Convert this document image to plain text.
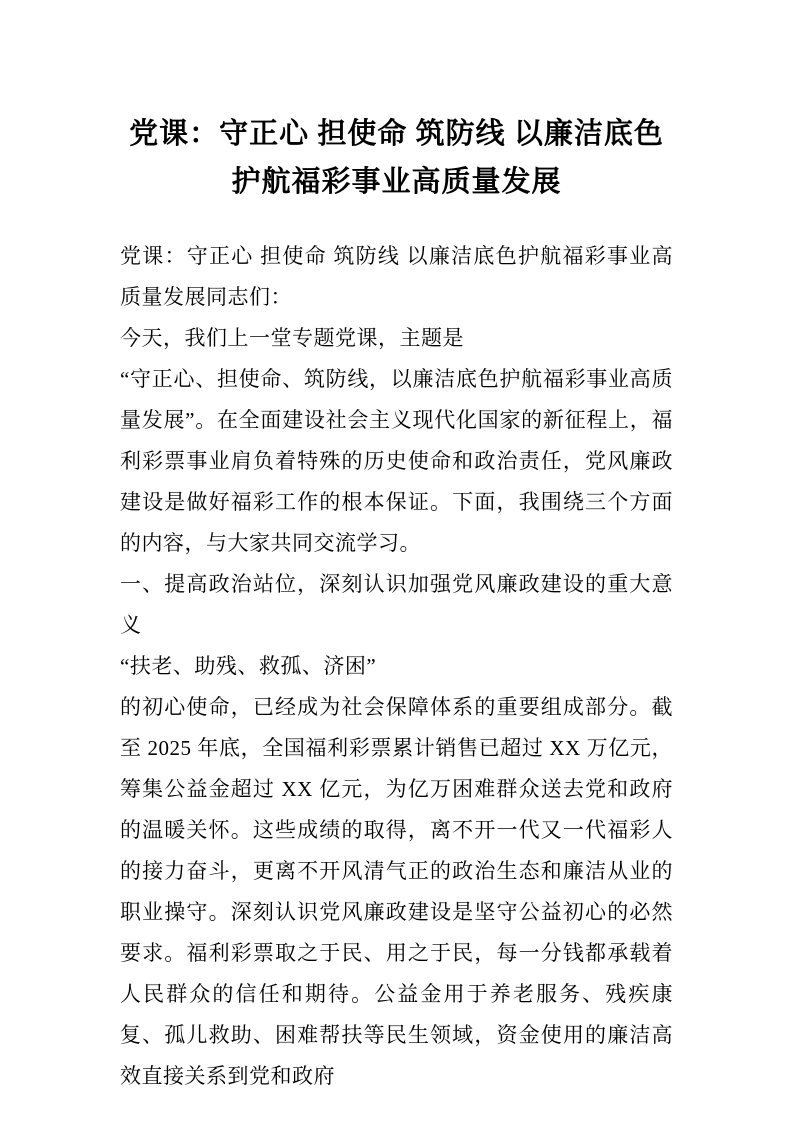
党课：守正心 担使命 筑防线 以廉洁底色
护航福彩事业高质量发展

党课：守正心 担使命 筑防线 以廉洁底色护航福彩事业高质量发展同志们：

今天，我们上一堂专题党课，主题是

“守正心、担使命、筑防线，以廉洁底色护航福彩事业高质量发展”。在全面建设社会主义现代化国家的新征程上，福利彩票事业肩负着特殊的历史使命和政治责任，党风廉政建设是做好福彩工作的根本保证。下面，我围绕三个方面的内容，与大家共同交流学习。

一、提高政治站位，深刻认识加强党风廉政建设的重大意义

“扶老、助残、救孤、济困”

的初心使命，已经成为社会保障体系的重要组成部分。截至 2025 年底，全国福利彩票累计销售已超过 XX 万亿元，筹集公益金超过 XX 亿元，为亿万困难群众送去党和政府的温暖关怀。这些成绩的取得，离不开一代又一代福彩人的接力奋斗，更离不开风清气正的政治生态和廉洁从业的职业操守。深刻认识党风廉政建设是坚守公益初心的必然要求。福利彩票取之于民、用之于民，每一分钱都承载着人民群众的信任和期待。公益金用于养老服务、残疾康复、孤儿救助、困难帮扶等民生领域，资金使用的廉洁高效直接关系到党和政府
